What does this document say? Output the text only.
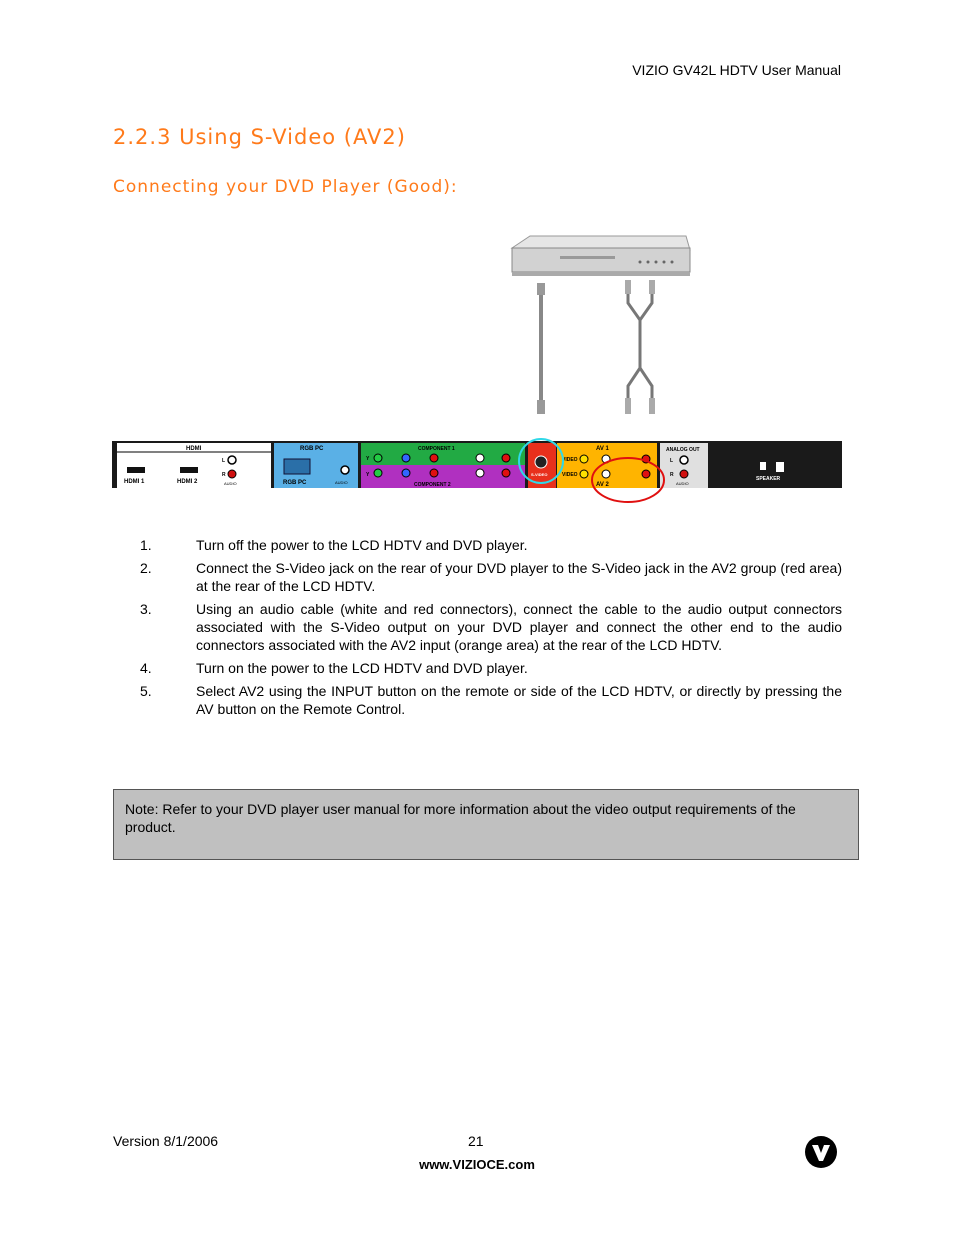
VIZIO GV42L HDTV User Manual
2.2.3 Using S-Video (AV2)
Connecting your DVD Player (Good):
HDMI
HDMI 1	HDMI 2
L
R
AUDIO
RGB PC
RGB PC	AUDIO
COMPONENT 1
COMPONENT 2
Y
Y	S-VIDEO
AV 1
VIDEO
VIDEO
AV 2
ANALOG OUT
L
R
AUDIO
SPEAKER
1.	Turn off the power to the LCD HDTV and DVD player.
2.	Connect the S-Video jack on the rear of your DVD player to the S-Video jack in the AV2 group (red area) at the rear of the LCD HDTV.
3.	Using an audio cable (white and red connectors), connect the cable to the audio output connectors associated with the S-Video output on your DVD player and connect the other end to the audio connectors associated with the AV2 input (orange area) at the rear of the LCD HDTV.
4.	Turn on the power to the LCD HDTV and DVD player.
5.	Select AV2 using the INPUT button on the remote or side of the LCD HDTV, or directly by pressing the AV button on the Remote Control.
Note: Refer to your DVD player user manual for more information about the video output requirements of the product.
Version 8/1/2006	21
www.VIZIOCE.com
